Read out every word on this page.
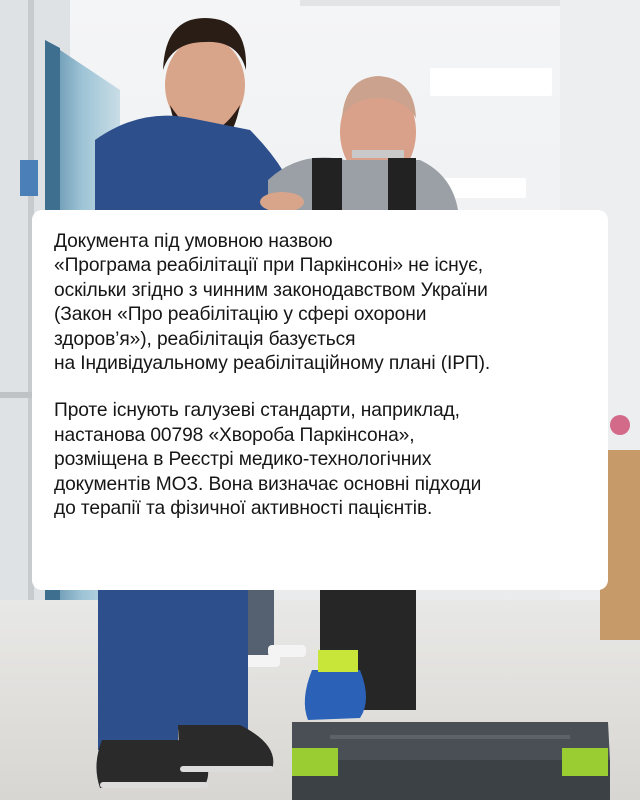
Документа під умовною назвою
«Програма реабілітації при Паркінсоні» не існує,
оскільки згідно з чинним законодавством України
(Закон «Про реабілітацію у сфері охорони
здоров’я»), реабілітація базується
на Індивідуальному реабілітаційному плані (ІРП).

Проте існують галузеві стандарти, наприклад,
настанова 00798 «Хвороба Паркінсона»,
розміщена в Реєстрі медико-технологічних
документів МОЗ. Вона визначає основні підходи
до терапії та фізичної активності пацієнтів.
